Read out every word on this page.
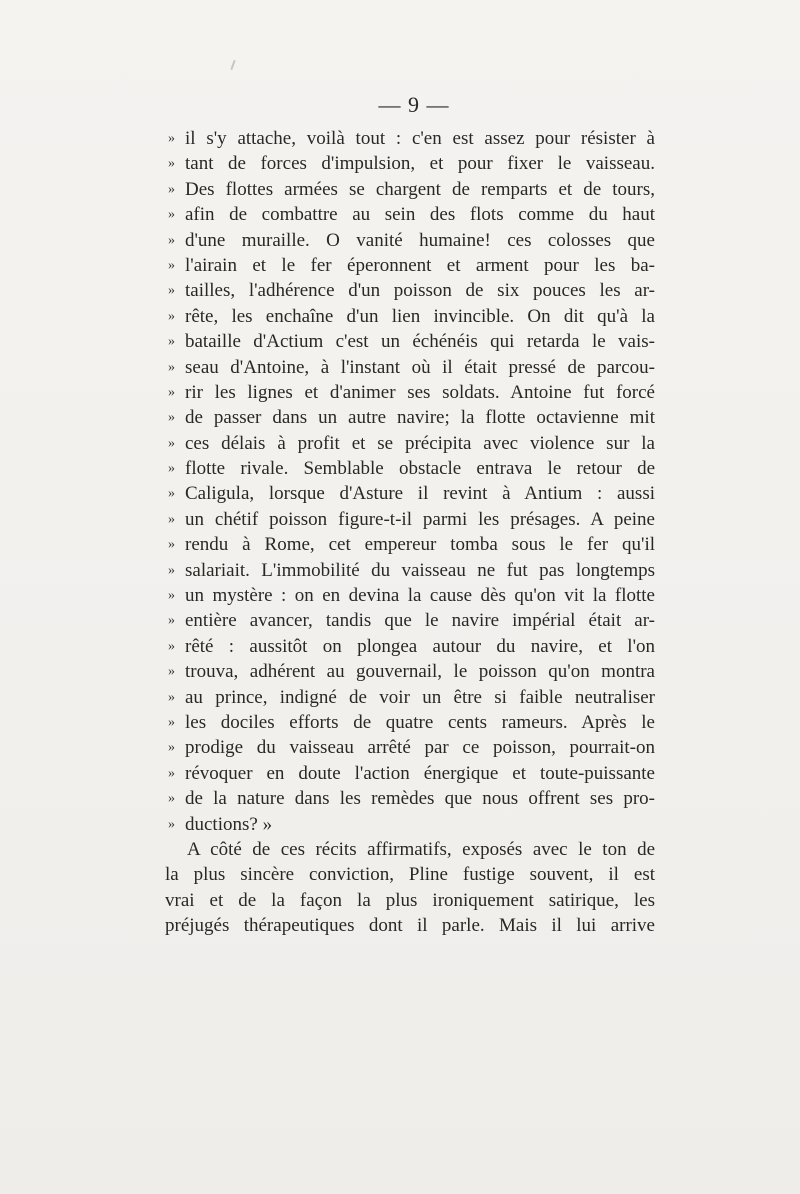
— 9 —
» il s'y attache, voilà tout : c'en est assez pour résister à
» tant de forces d'impulsion, et pour fixer le vaisseau.
» Des flottes armées se chargent de remparts et de tours,
» afin de combattre au sein des flots comme du haut
» d'une muraille. O vanité humaine! ces colosses que
» l'airain et le fer éperonnent et arment pour les ba-
» tailles, l'adhérence d'un poisson de six pouces les ar-
» rête, les enchaîne d'un lien invincible. On dit qu'à la
» bataille d'Actium c'est un échénéis qui retarda le vais-
» seau d'Antoine, à l'instant où il était pressé de parcou-
» rir les lignes et d'animer ses soldats. Antoine fut forcé
» de passer dans un autre navire; la flotte octavienne mit
» ces délais à profit et se précipita avec violence sur la
» flotte rivale. Semblable obstacle entrava le retour de
» Caligula, lorsque d'Asture il revint à Antium : aussi
» un chétif poisson figure-t-il parmi les présages. A peine
» rendu à Rome, cet empereur tomba sous le fer qu'il
» salariait. L'immobilité du vaisseau ne fut pas longtemps
» un mystère : on en devina la cause dès qu'on vit la flotte
» entière avancer, tandis que le navire impérial était ar-
» rêté : aussitôt on plongea autour du navire, et l'on
» trouva, adhérent au gouvernail, le poisson qu'on montra
» au prince, indigné de voir un être si faible neutraliser
» les dociles efforts de quatre cents rameurs. Après le
» prodige du vaisseau arrêté par ce poisson, pourrait-on
» révoquer en doute l'action énergique et toute-puissante
» de la nature dans les remèdes que nous offrent ses pro-
» ductions? »
A côté de ces récits affirmatifs, exposés avec le ton de
la plus sincère conviction, Pline fustige souvent, il est
vrai et de la façon la plus ironiquement satirique, les
préjugés thérapeutiques dont il parle. Mais il lui arrive
